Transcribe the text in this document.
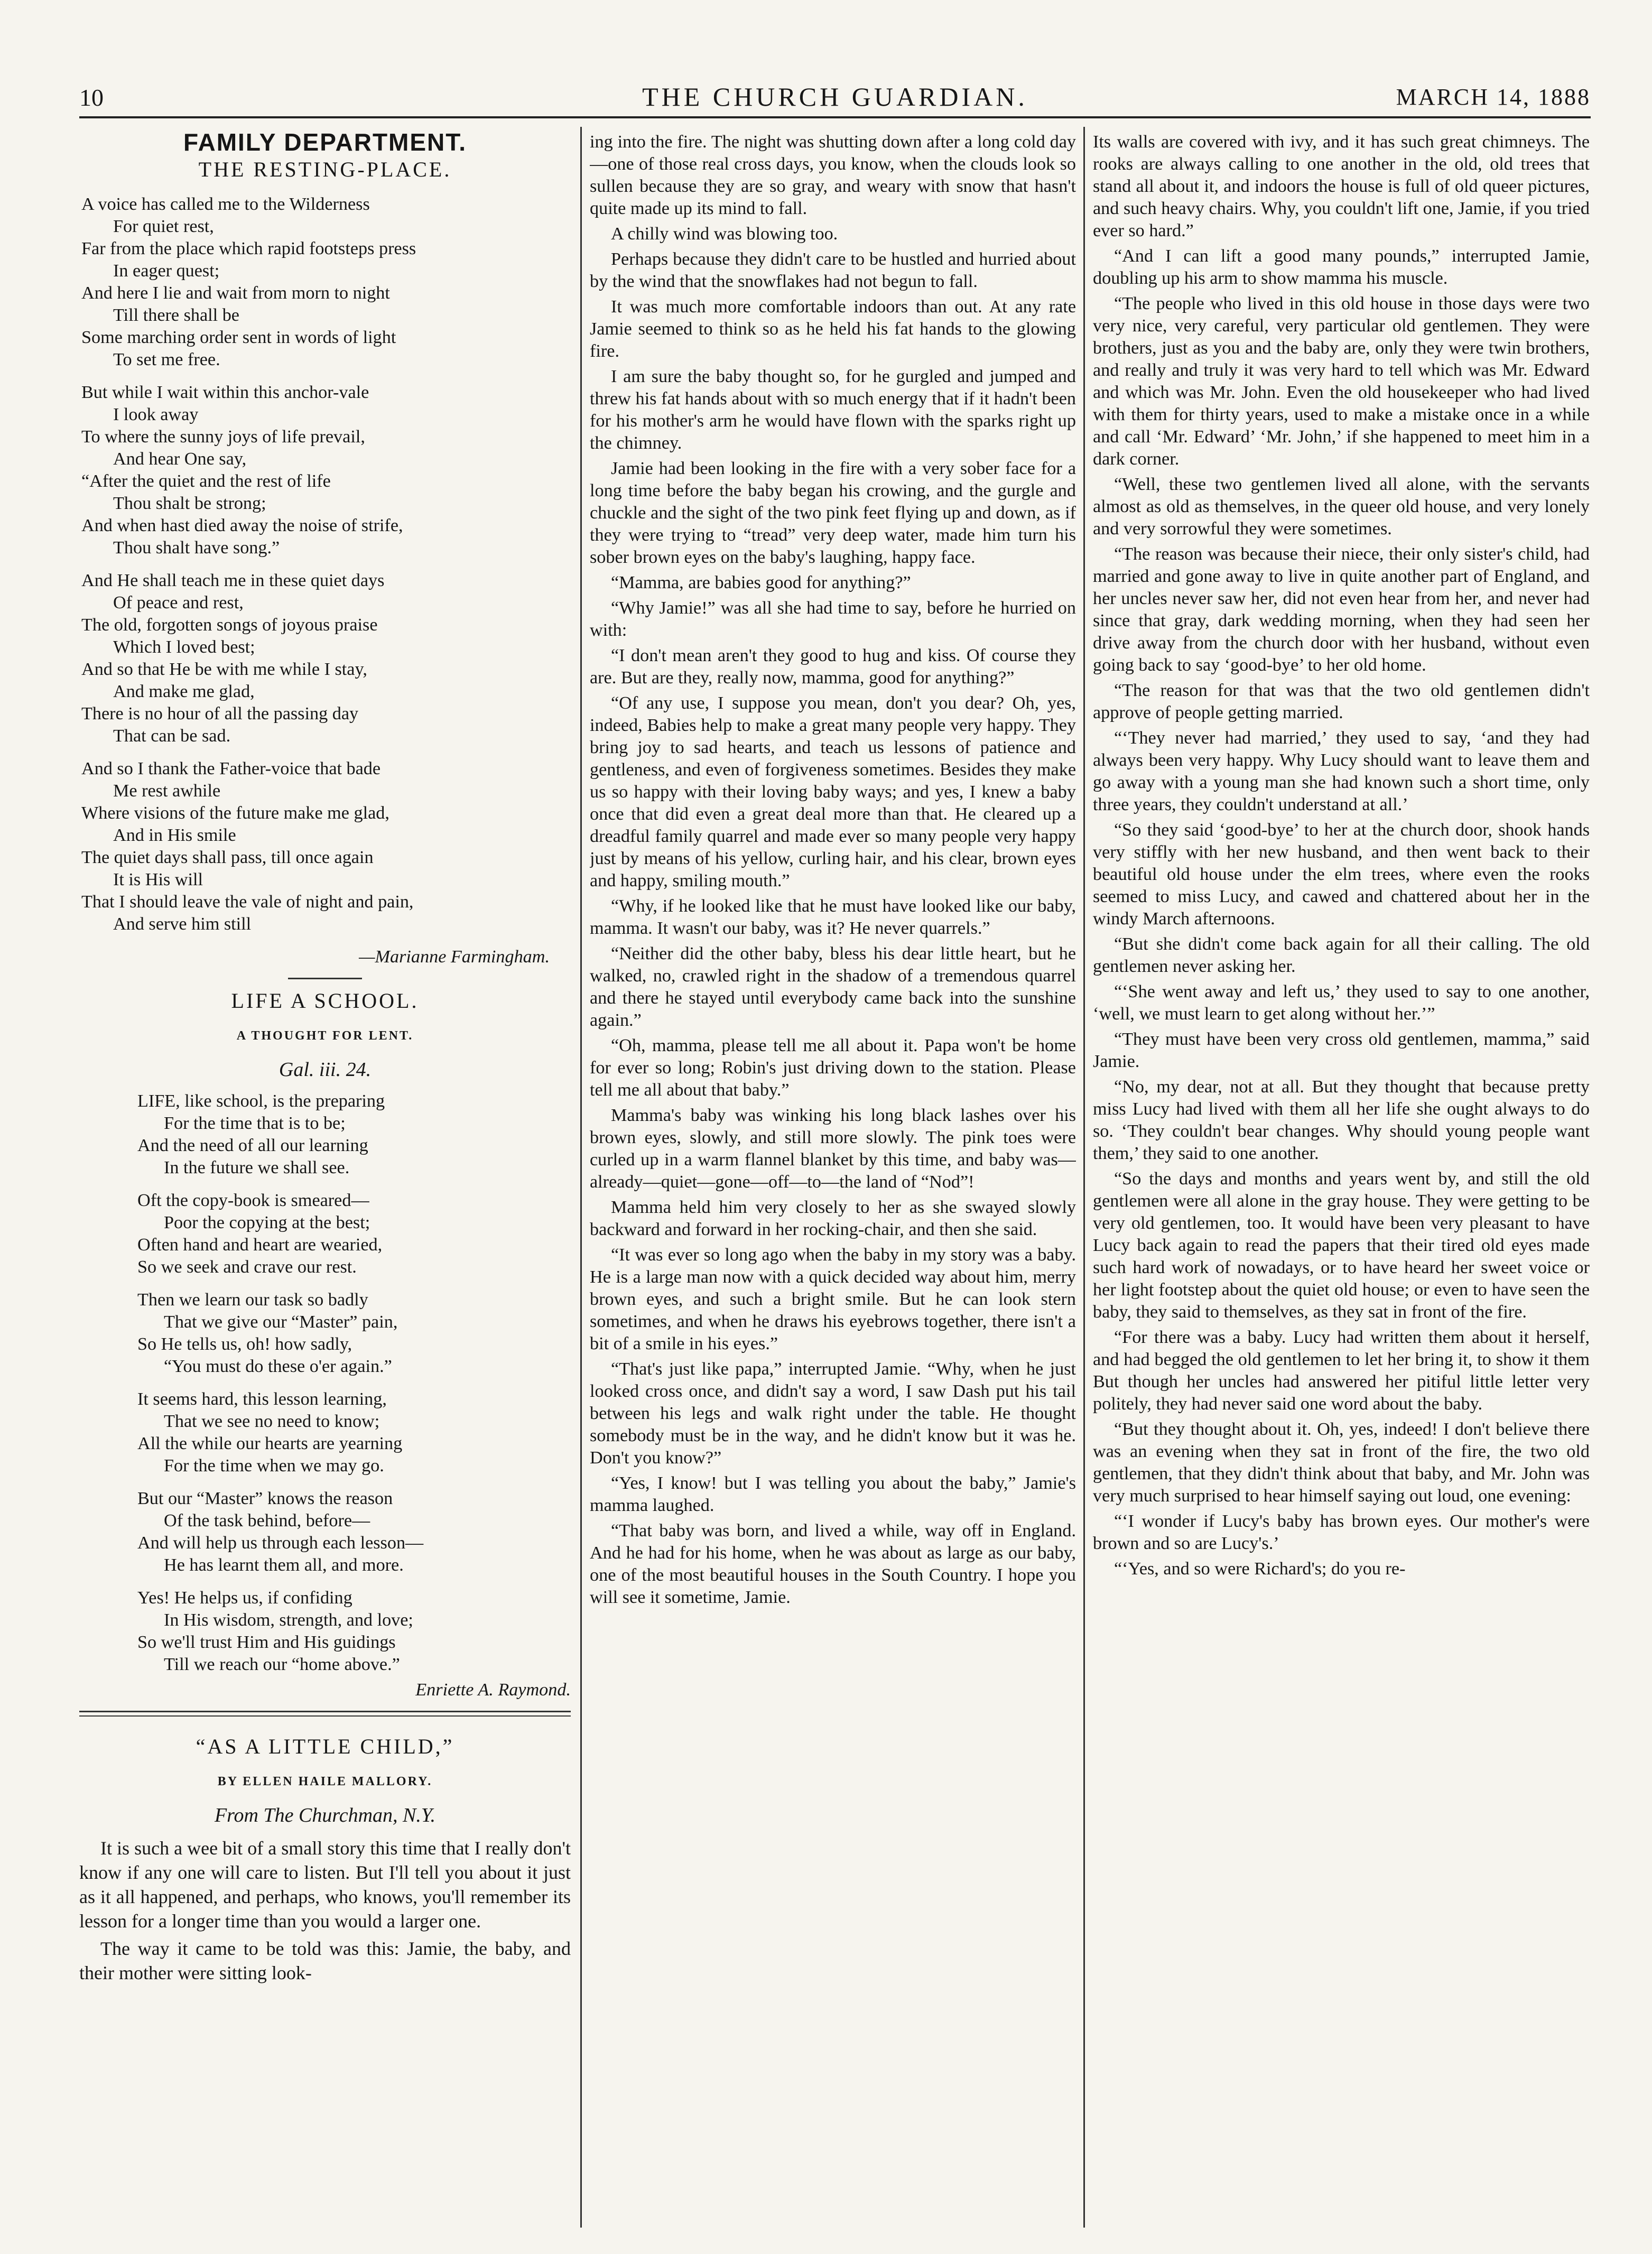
10	THE CHURCH GUARDIAN.	MARCH 14, 1888
FAMILY DEPARTMENT.
THE RESTING-PLACE.
A voice has called me to the Wilderness
For quiet rest,
Far from the place which rapid footsteps press
In eager quest;
And here I lie and wait from morn to night
Till there shall be
Some marching order sent in words of light
To set me free.
But while I wait within this anchor-vale
I look away
To where the sunny joys of life prevail,
And hear One say,
“After the quiet and the rest of life
Thou shalt be strong;
And when hast died away the noise of strife,
Thou shalt have song.”
And He shall teach me in these quiet days
Of peace and rest,
The old, forgotten songs of joyous praise
Which I loved best;
And so that He be with me while I stay,
And make me glad,
There is no hour of all the passing day
That can be sad.
And so I thank the Father-voice that bade
Me rest awhile
Where visions of the future make me glad,
And in His smile
The quiet days shall pass, till once again
It is His will
That I should leave the vale of night and pain,
And serve him still
—Marianne Farmingham.
LIFE A SCHOOL.
A THOUGHT FOR LENT.
Gal. iii. 24.
LIFE, like school, is the preparing
For the time that is to be;
And the need of all our learning
In the future we shall see.
Oft the copy-book is smeared—
Poor the copying at the best;
Often hand and heart are wearied,
So we seek and crave our rest.
Then we learn our task so badly
That we give our “Master” pain,
So He tells us, oh! how sadly,
“You must do these o'er again.”
It seems hard, this lesson learning,
That we see no need to know;
All the while our hearts are yearning
For the time when we may go.
But our “Master” knows the reason
Of the task behind, before—
And will help us through each lesson—
He has learnt them all, and more.
Yes! He helps us, if confiding
In His wisdom, strength, and love;
So we'll trust Him and His guidings
Till we reach our “home above.”
Enriette A. Raymond.
“AS A LITTLE CHILD,”
BY ELLEN HAILE MALLORY.
From The Churchman, N.Y.

It is such a wee bit of a small story this time that I really don't know if any one will care to listen. But I'll tell you about it just as it all happened, and perhaps, who knows, you'll remember its lesson for a longer time than you would a larger one.

The way it came to be told was this: Jamie, the baby, and their mother were sitting look-

ing into the fire. The night was shutting down after a long cold day—one of those real cross days, you know, when the clouds look so sullen because they are so gray, and weary with snow that hasn't quite made up its mind to fall.

A chilly wind was blowing too.

Perhaps because they didn't care to be hustled and hurried about by the wind that the snowflakes had not begun to fall.

It was much more comfortable indoors than out. At any rate Jamie seemed to think so as he held his fat hands to the glowing fire.

I am sure the baby thought so, for he gurgled and jumped and threw his fat hands about with so much energy that if it hadn't been for his mother's arm he would have flown with the sparks right up the chimney.

Jamie had been looking in the fire with a very sober face for a long time before the baby began his crowing, and the gurgle and chuckle and the sight of the two pink feet flying up and down, as if they were trying to “tread” very deep water, made him turn his sober brown eyes on the baby's laughing, happy face.

“Mamma, are babies good for anything?”

“Why Jamie!” was all she had time to say, before he hurried on with:

“I don't mean aren't they good to hug and kiss. Of course they are. But are they, really now, mamma, good for anything?”

“Of any use, I suppose you mean, don't you dear? Oh, yes, indeed, Babies help to make a great many people very happy. They bring joy to sad hearts, and teach us lessons of patience and gentleness, and even of forgiveness sometimes. Besides they make us so happy with their loving baby ways; and yes, I knew a baby once that did even a great deal more than that. He cleared up a dreadful family quarrel and made ever so many people very happy just by means of his yellow, curling hair, and his clear, brown eyes and happy, smiling mouth.”

“Why, if he looked like that he must have looked like our baby, mamma. It wasn't our baby, was it? He never quarrels.”

“Neither did the other baby, bless his dear little heart, but he walked, no, crawled right in the shadow of a tremendous quarrel and there he stayed until everybody came back into the sunshine again.”

“Oh, mamma, please tell me all about it. Papa won't be home for ever so long; Robin's just driving down to the station. Please tell me all about that baby.”

Mamma's baby was winking his long black lashes over his brown eyes, slowly, and still more slowly. The pink toes were curled up in a warm flannel blanket by this time, and baby was—already—quiet—gone—off—to—the land of “Nod”!

Mamma held him very closely to her as she swayed slowly backward and forward in her rocking-chair, and then she said.

“It was ever so long ago when the baby in my story was a baby. He is a large man now with a quick decided way about him, merry brown eyes, and such a bright smile. But he can look stern sometimes, and when he draws his eyebrows together, there isn't a bit of a smile in his eyes.”

“That's just like papa,” interrupted Jamie. “Why, when he just looked cross once, and didn't say a word, I saw Dash put his tail between his legs and walk right under the table. He thought somebody must be in the way, and he didn't know but it was he. Don't you know?”

“Yes, I know! but I was telling you about the baby,” Jamie's mamma laughed.

“That baby was born, and lived a while, way off in England. And he had for his home, when he was about as large as our baby, one of the most beautiful houses in the South Country. I hope you will see it sometime, Jamie.

Its walls are covered with ivy, and it has such great chimneys. The rooks are always calling to one another in the old, old trees that stand all about it, and indoors the house is full of old queer pictures, and such heavy chairs. Why, you couldn't lift one, Jamie, if you tried ever so hard.”

“And I can lift a good many pounds,” interrupted Jamie, doubling up his arm to show mamma his muscle.

“The people who lived in this old house in those days were two very nice, very careful, very particular old gentlemen. They were brothers, just as you and the baby are, only they were twin brothers, and really and truly it was very hard to tell which was Mr. Edward and which was Mr. John. Even the old housekeeper who had lived with them for thirty years, used to make a mistake once in a while and call ‘Mr. Edward’ ‘Mr. John,’ if she happened to meet him in a dark corner.

“Well, these two gentlemen lived all alone, with the servants almost as old as themselves, in the queer old house, and very lonely and very sorrowful they were sometimes.

“The reason was because their niece, their only sister's child, had married and gone away to live in quite another part of England, and her uncles never saw her, did not even hear from her, and never had since that gray, dark wedding morning, when they had seen her drive away from the church door with her husband, without even going back to say ‘good-bye’ to her old home.

“The reason for that was that the two old gentlemen didn't approve of people getting married.

“‘They never had married,’ they used to say, ‘and they had always been very happy. Why Lucy should want to leave them and go away with a young man she had known such a short time, only three years, they couldn't understand at all.’

“So they said ‘good-bye’ to her at the church door, shook hands very stiffly with her new husband, and then went back to their beautiful old house under the elm trees, where even the rooks seemed to miss Lucy, and cawed and chattered about her in the windy March afternoons.

“But she didn't come back again for all their calling. The old gentlemen never asking her.

“‘She went away and left us,’ they used to say to one another, ‘well, we must learn to get along without her.’”

“They must have been very cross old gentlemen, mamma,” said Jamie.

“No, my dear, not at all. But they thought that because pretty miss Lucy had lived with them all her life she ought always to do so. ‘They couldn't bear changes. Why should young people want them,’ they said to one another.

“So the days and months and years went by, and still the old gentlemen were all alone in the gray house. They were getting to be very old gentlemen, too. It would have been very pleasant to have Lucy back again to read the papers that their tired old eyes made such hard work of nowadays, or to have heard her sweet voice or her light footstep about the quiet old house; or even to have seen the baby, they said to themselves, as they sat in front of the fire.

“For there was a baby. Lucy had written them about it herself, and had begged the old gentlemen to let her bring it, to show it them But though her uncles had answered her pitiful little letter very politely, they had never said one word about the baby.

“But they thought about it. Oh, yes, indeed! I don't believe there was an evening when they sat in front of the fire, the two old gentlemen, that they didn't think about that baby, and Mr. John was very much surprised to hear himself saying out loud, one evening:

“‘I wonder if Lucy's baby has brown eyes. Our mother's were brown and so are Lucy's.’

“‘Yes, and so were Richard's; do you re-
